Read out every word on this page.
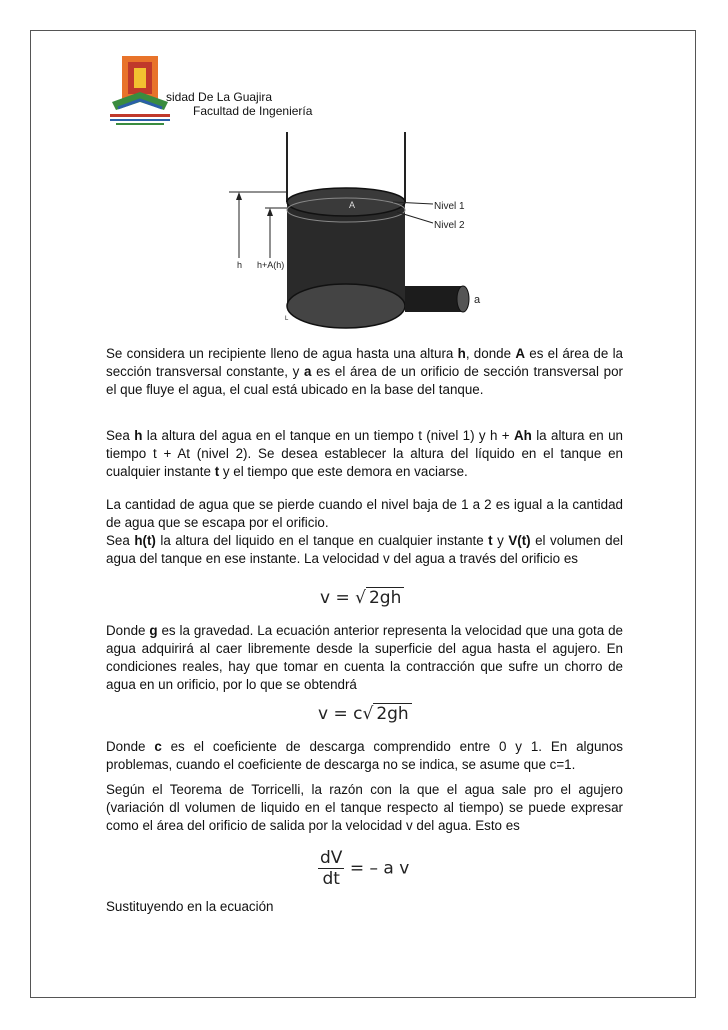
sidad De La Guajira
Facultad de Ingeniería
Nivel 1
Nivel 2
h h+A(h)
A
a
L

Se considera un recipiente lleno de agua hasta una altura h, donde A es el área de la sección transversal constante, y a es el área de un orificio de sección transversal por el que fluye el agua, el cual está ubicado en la base del tanque.

Sea h la altura del agua en el tanque en un tiempo t (nivel 1) y h + Ah la altura en un tiempo t + At (nivel 2). Se desea establecer la altura del líquido en el tanque en cualquier instante t y el tiempo que este demora en vaciarse.

La cantidad de agua que se pierde cuando el nivel baja de 1 a 2 es igual a la cantidad de agua que se escapa por el orificio.

Sea h(t) la altura del liquido en el tanque en cualquier instante t y V(t) el volumen del agua del tanque en ese instante. La velocidad v del agua a través del orificio es

v = √ 2gh

Donde g es la gravedad. La ecuación anterior representa la velocidad que una gota de agua adquirirá al caer libremente desde la superficie del agua hasta el agujero. En condiciones reales, hay que tomar en cuenta la contracción que sufre un chorro de agua en un orificio, por lo que se obtendrá

v = c√ 2gh

Donde c es el coeficiente de descarga comprendido entre 0 y 1. En algunos problemas, cuando el coeficiente de descarga no se indica, se asume que c=1.

Según el Teorema de Torricelli, la razón con la que el agua sale pro el agujero (variación dl volumen de liquido en el tanque respecto al tiempo) se puede expresar como el área del orificio de salida por la velocidad v del agua. Esto es

$\frac{dV}{dt}$ = – a v

Sustituyendo en la ecuación
